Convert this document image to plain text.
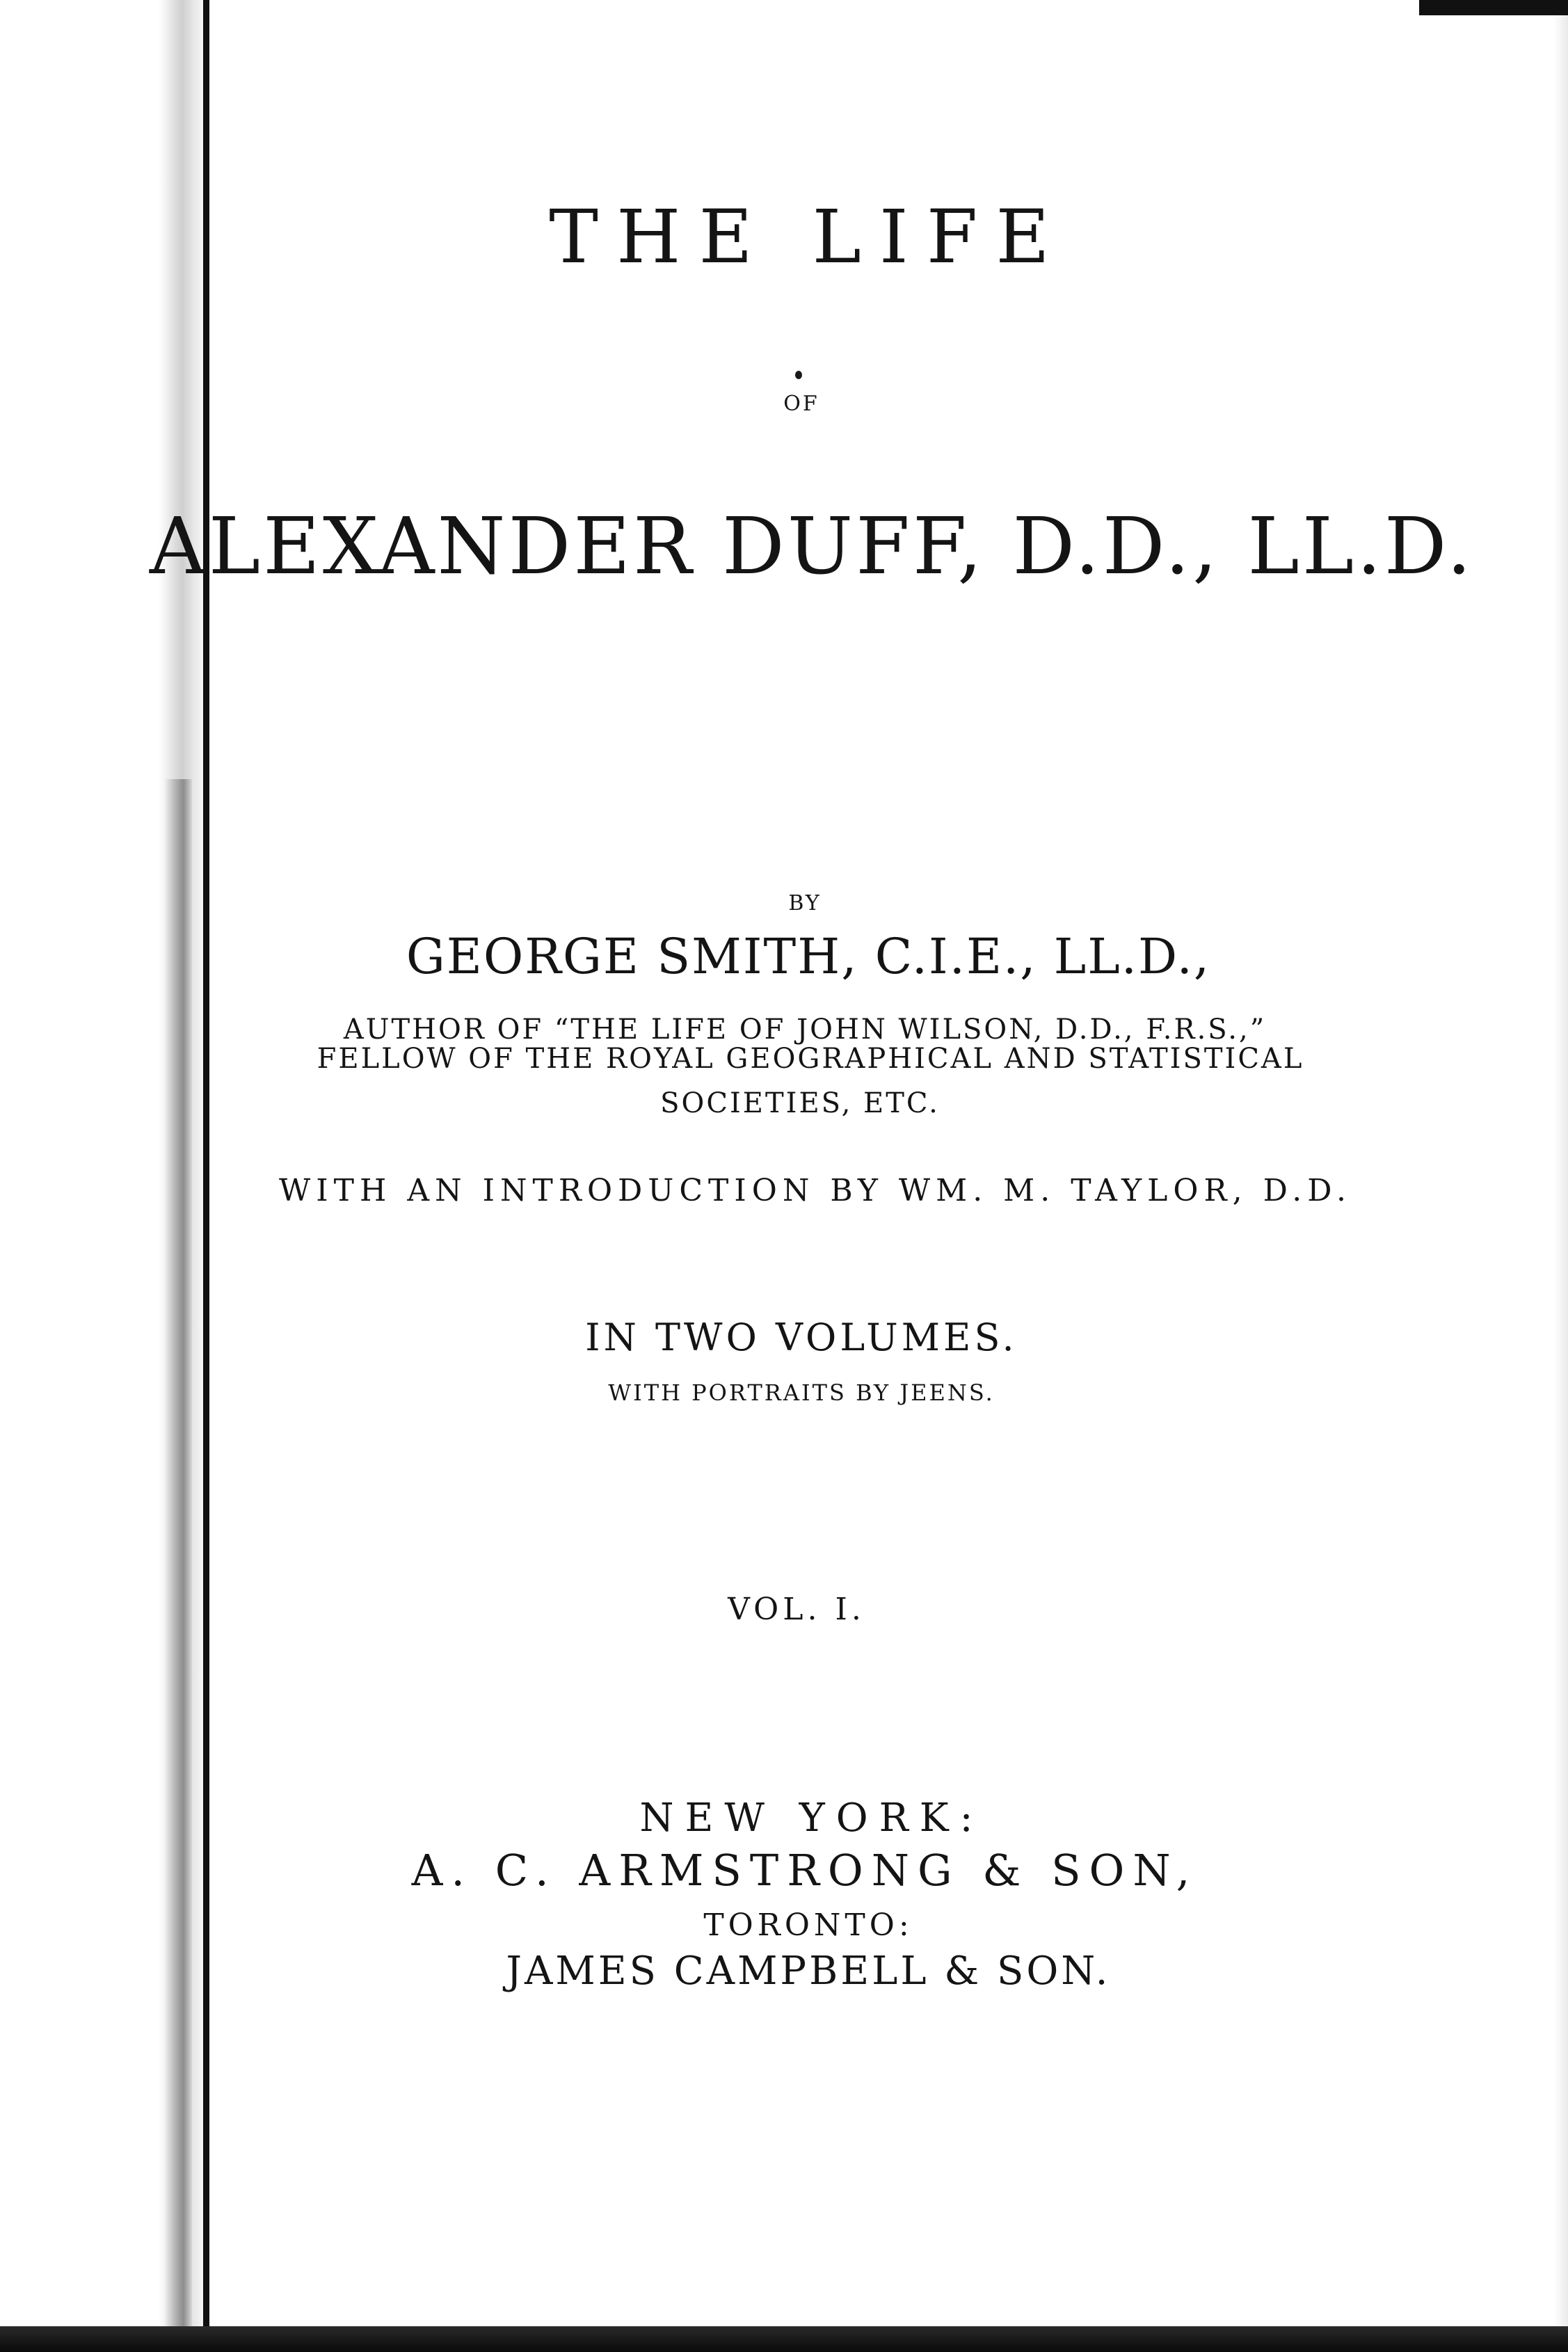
THE LIFE
OF
ALEXANDER DUFF, D.D., LL.D.
BY
GEORGE SMITH, C.I.E., LL.D.,
AUTHOR OF “THE LIFE OF JOHN WILSON, D.D., F.R.S.,”
FELLOW OF THE ROYAL GEOGRAPHICAL AND STATISTICAL
SOCIETIES, ETC.
WITH AN INTRODUCTION BY WM. M. TAYLOR, D.D.
IN TWO VOLUMES.
WITH PORTRAITS BY JEENS.
VOL. I.
NEW YORK:
A. C. ARMSTRONG & SON,
TORONTO:
JAMES CAMPBELL & SON.
